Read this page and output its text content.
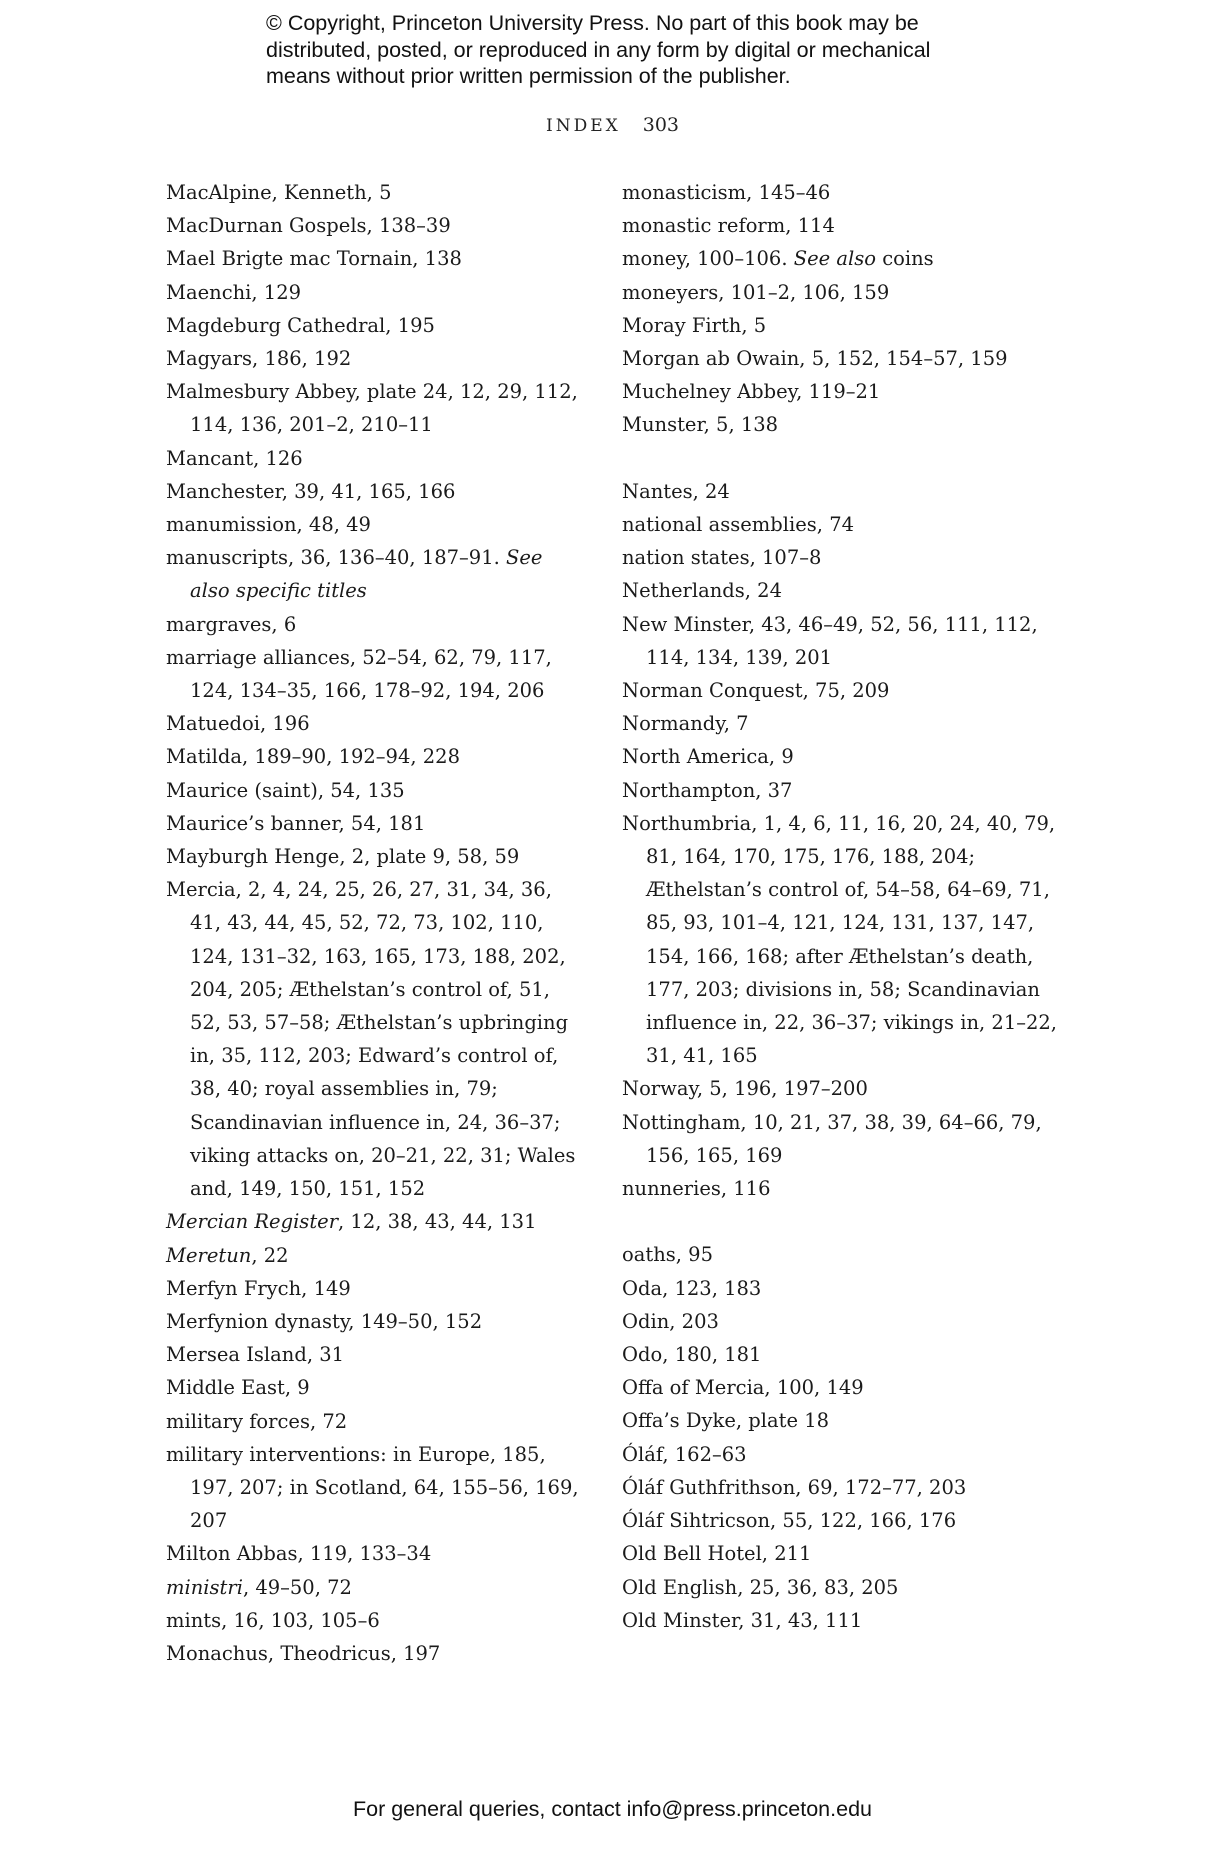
© Copyright, Princeton University Press. No part of this book may be distributed, posted, or reproduced in any form by digital or mechanical means without prior written permission of the publisher.
INDEX 303
MacAlpine, Kenneth, 5
MacDurnan Gospels, 138–39
Mael Brigte mac Tornain, 138
Maenchi, 129
Magdeburg Cathedral, 195
Magyars, 186, 192
Malmesbury Abbey, plate 24, 12, 29, 112, 114, 136, 201–2, 210–11
Mancant, 126
Manchester, 39, 41, 165, 166
manumission, 48, 49
manuscripts, 36, 136–40, 187–91. See also specific titles
margraves, 6
marriage alliances, 52–54, 62, 79, 117, 124, 134–35, 166, 178–92, 194, 206
Matuedoi, 196
Matilda, 189–90, 192–94, 228
Maurice (saint), 54, 135
Maurice’s banner, 54, 181
Mayburgh Henge, 2, plate 9, 58, 59
Mercia, 2, 4, 24, 25, 26, 27, 31, 34, 36, 41, 43, 44, 45, 52, 72, 73, 102, 110, 124, 131–32, 163, 165, 173, 188, 202, 204, 205; Æthelstan’s control of, 51, 52, 53, 57–58; Æthelstan’s upbringing in, 35, 112, 203; Edward’s control of, 38, 40; royal assemblies in, 79; Scandinavian influence in, 24, 36–37; viking attacks on, 20–21, 22, 31; Wales and, 149, 150, 151, 152
Mercian Register, 12, 38, 43, 44, 131
Meretun, 22
Merfyn Frych, 149
Merfynion dynasty, 149–50, 152
Mersea Island, 31
Middle East, 9
military forces, 72
military interventions: in Europe, 185, 197, 207; in Scotland, 64, 155–56, 169, 207
Milton Abbas, 119, 133–34
ministri, 49–50, 72
mints, 16, 103, 105–6
Monachus, Theodricus, 197
monasticism, 145–46
monastic reform, 114
money, 100–106. See also coins
moneyers, 101–2, 106, 159
Moray Firth, 5
Morgan ab Owain, 5, 152, 154–57, 159
Muchelney Abbey, 119–21
Munster, 5, 138
Nantes, 24
national assemblies, 74
nation states, 107–8
Netherlands, 24
New Minster, 43, 46–49, 52, 56, 111, 112, 114, 134, 139, 201
Norman Conquest, 75, 209
Normandy, 7
North America, 9
Northampton, 37
Northumbria, 1, 4, 6, 11, 16, 20, 24, 40, 79, 81, 164, 170, 175, 176, 188, 204; Æthelstan’s control of, 54–58, 64–69, 71, 85, 93, 101–4, 121, 124, 131, 137, 147, 154, 166, 168; after Æthelstan’s death, 177, 203; divisions in, 58; Scandinavian influence in, 22, 36–37; vikings in, 21–22, 31, 41, 165
Norway, 5, 196, 197–200
Nottingham, 10, 21, 37, 38, 39, 64–66, 79, 156, 165, 169
nunneries, 116
oaths, 95
Oda, 123, 183
Odin, 203
Odo, 180, 181
Offa of Mercia, 100, 149
Offa’s Dyke, plate 18
Óláf, 162–63
Óláf Guthfrithson, 69, 172–77, 203
Óláf Sihtricson, 55, 122, 166, 176
Old Bell Hotel, 211
Old English, 25, 36, 83, 205
Old Minster, 31, 43, 111
For general queries, contact info@press.princeton.edu
